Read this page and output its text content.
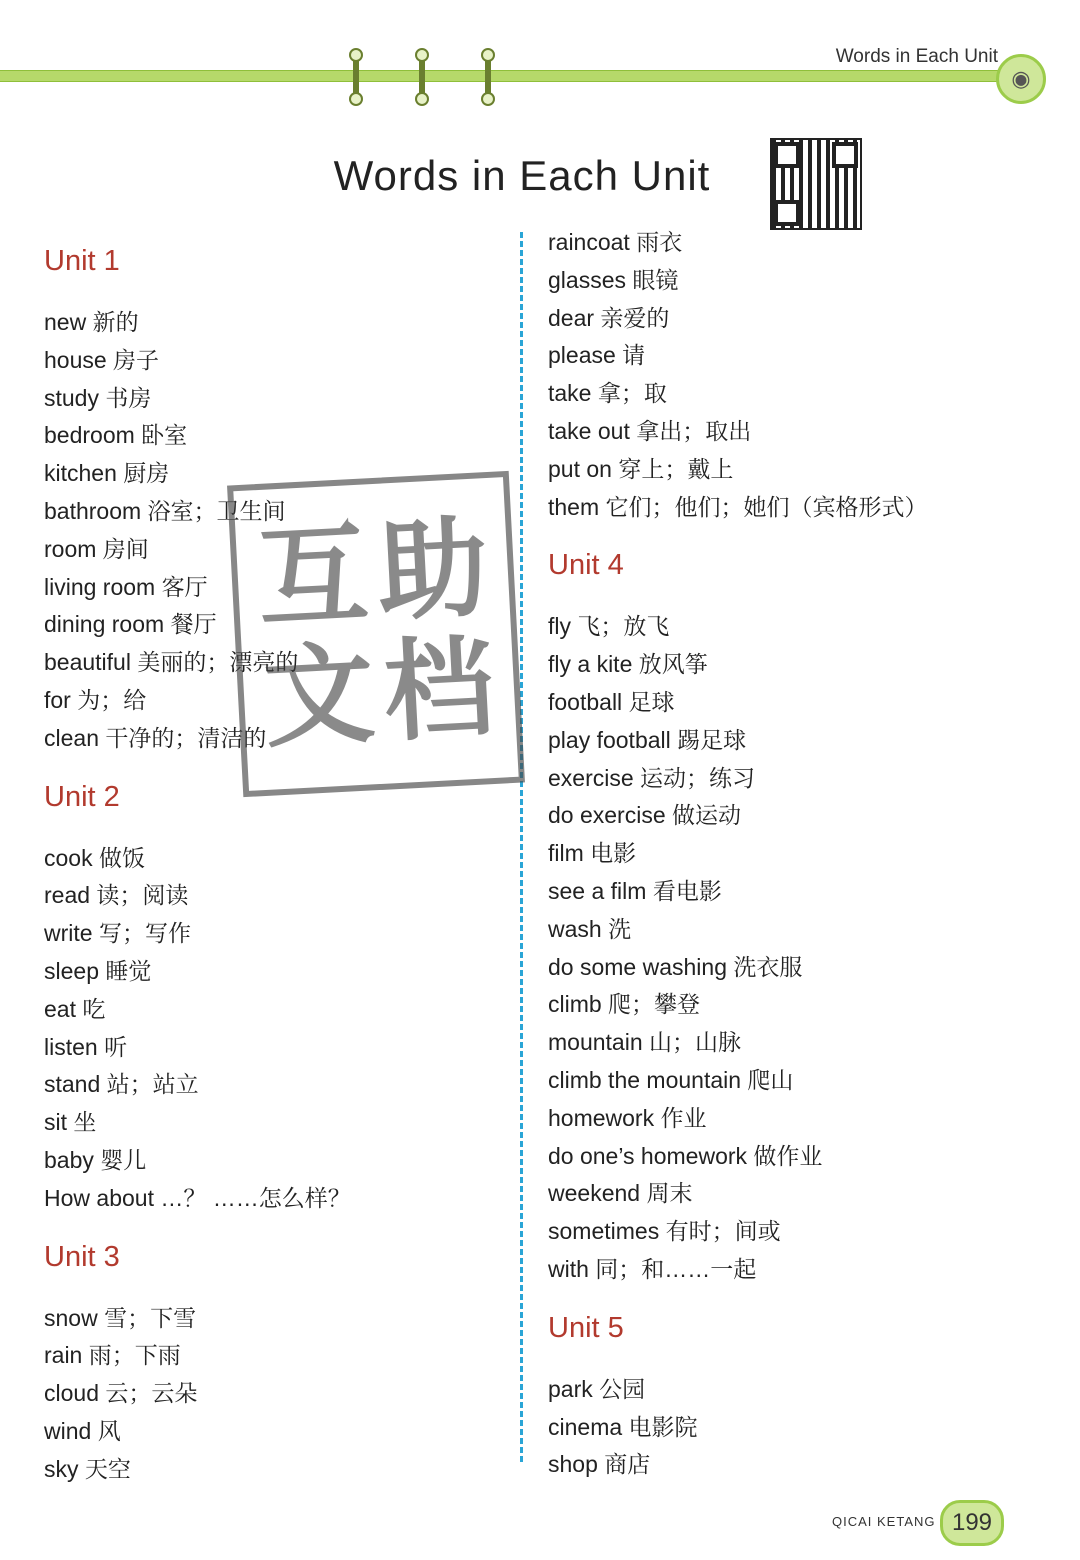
Words in Each Unit
◉
Words in Each Unit
Unit 1
new 新的
house 房子
study 书房
bedroom 卧室
kitchen 厨房
bathroom 浴室；卫生间
room 房间
living room 客厅
dining room 餐厅
beautiful 美丽的；漂亮的
for 为；给
clean 干净的；清洁的
Unit 2
cook 做饭
read 读；阅读
write 写；写作
sleep 睡觉
eat 吃
listen 听
stand 站；站立
sit 坐
baby 婴儿
How about …？ ……怎么样？
Unit 3
snow 雪；下雪
rain 雨；下雨
cloud 云；云朵
wind 风
sky 天空
raincoat 雨衣
glasses 眼镜
dear 亲爱的
please 请
take 拿；取
take out 拿出；取出
put on 穿上；戴上
them 它们；他们；她们（宾格形式）
Unit 4
fly 飞；放飞
fly a kite 放风筝
football 足球
play football 踢足球
exercise 运动；练习
do exercise 做运动
film 电影
see a film 看电影
wash 洗
do some washing 洗衣服
climb 爬；攀登
mountain 山；山脉
climb the mountain 爬山
homework 作业
do one’s homework 做作业
weekend 周末
sometimes 有时；间或
with 同；和……一起
Unit 5
park 公园
cinema 电影院
shop 商店
互 助
文 档
QICAI KETANG 199
